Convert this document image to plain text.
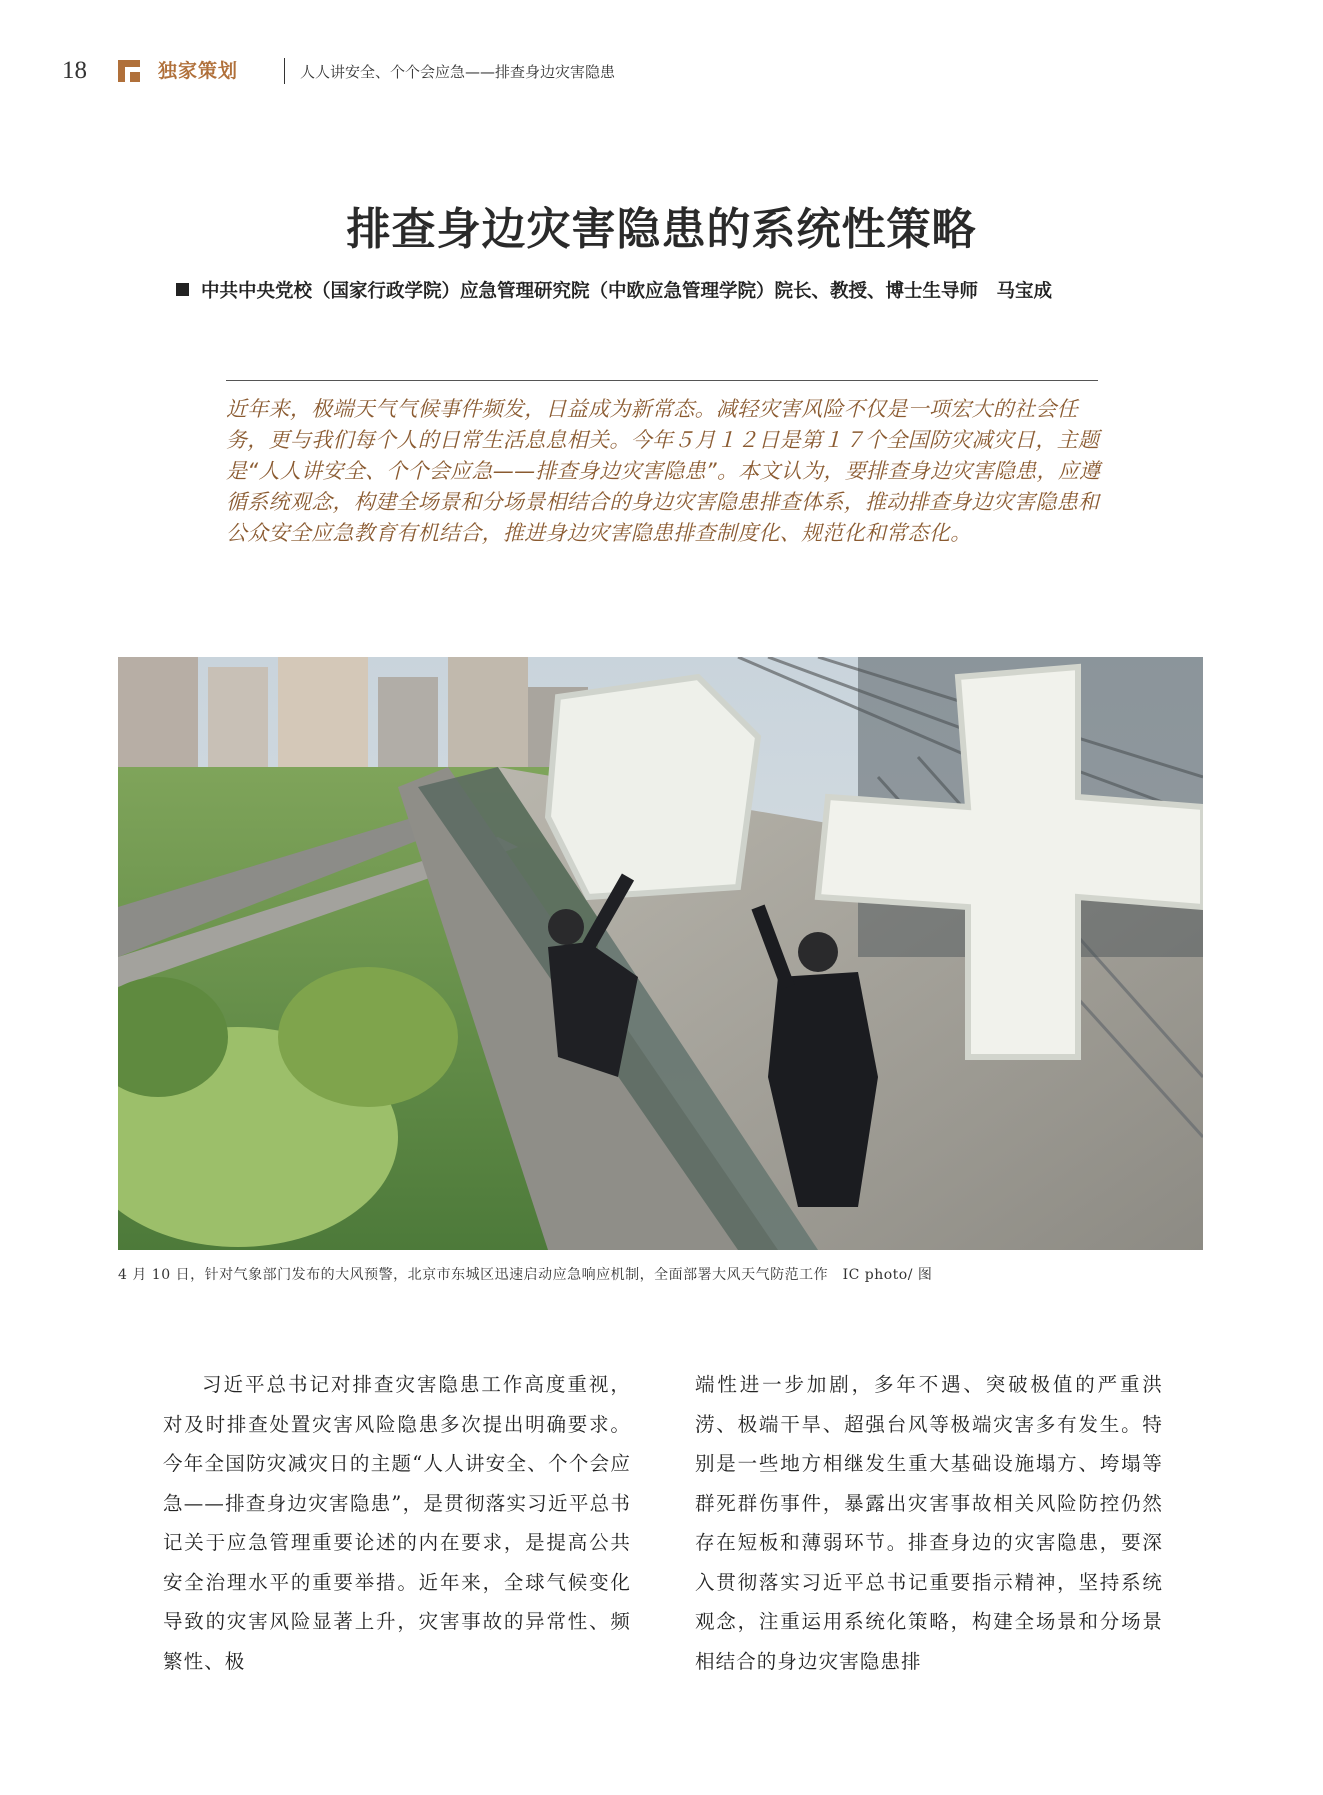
18	独家策划	人人讲安全、个个会应急——排查身边灾害隐患
排查身边灾害隐患的系统性策略
中共中央党校（国家行政学院）应急管理研究院（中欧应急管理学院）院长、教授、博士生导师　马宝成

近年来，极端天气气候事件频发，日益成为新常态。减轻灾害风险不仅是一项宏大的社会任务，更与我们每个人的日常生活息息相关。今年５月１２日是第１７个全国防灾减灾日，主题是“人人讲安全、个个会应急——排查身边灾害隐患”。本文认为，要排查身边灾害隐患，应遵循系统观念，构建全场景和分场景相结合的身边灾害隐患排查体系，推动排查身边灾害隐患和公众安全应急教育有机结合，推进身边灾害隐患排查制度化、规范化和常态化。

4 月 10 日，针对气象部门发布的大风预警，北京市东城区迅速启动应急响应机制，全面部署大风天气防范工作　IC photo/ 图

习近平总书记对排查灾害隐患工作高度重视，对及时排查处置灾害风险隐患多次提出明确要求。今年全国防灾减灾日的主题“人人讲安全、个个会应急——排查身边灾害隐患”，是贯彻落实习近平总书记关于应急管理重要论述的内在要求，是提高公共安全治理水平的重要举措。近年来，全球气候变化导致的灾害风险显著上升，灾害事故的异常性、频繁性、极

端性进一步加剧，多年不遇、突破极值的严重洪涝、极端干旱、超强台风等极端灾害多有发生。特别是一些地方相继发生重大基础设施塌方、垮塌等群死群伤事件，暴露出灾害事故相关风险防控仍然存在短板和薄弱环节。排查身边的灾害隐患，要深入贯彻落实习近平总书记重要指示精神，坚持系统观念，注重运用系统化策略，构建全场景和分场景相结合的身边灾害隐患排
